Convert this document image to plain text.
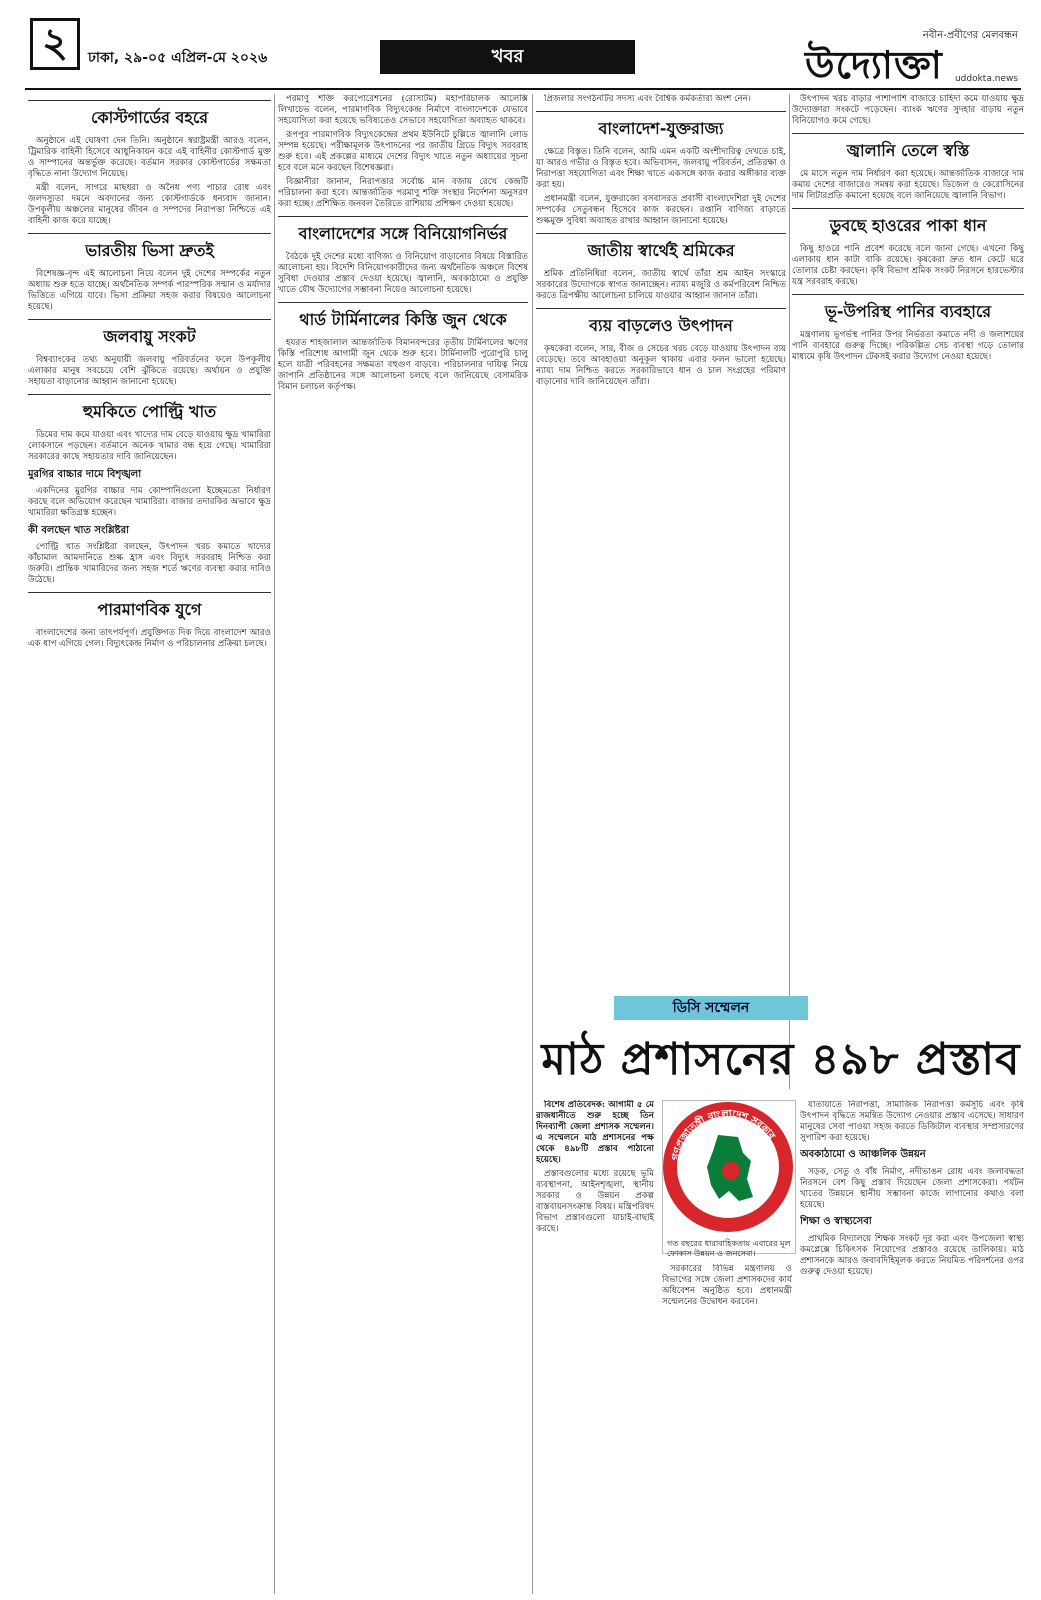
২	ঢাকা, ২৯-০৫ এপ্রিল-মে ২০২৬	খবর
নবীন-প্রবীণের মেলবন্ধন
উদ্যোক্তা uddokta.news
কোস্টগার্ডের বহরে

অনুষ্ঠানে এই ঘোষণা দেন তিনি। অনুষ্ঠানে স্বরাষ্ট্রমন্ত্রী আরও বলেন, ট্রিমারিক বাহিনী হিসেবে আধুনিকায়ন করে এই বাহিনীর কোস্টগার্ড মুক্ত ও সাম্পানের অন্তর্ভুক্ত করেছে। বর্তমান সরকার কোস্টগার্ডের সক্ষমতা বৃদ্ধিতে নানা উদ্যোগ নিয়েছে।

মন্ত্রী বলেন, সাগরে মাছধরা ও অনৈধ পণ্য পাচার রোধ এবং জলদস্যুতা দমনে অবদানের জন্য কোস্টগার্ডকে ধন্যবাদ জানান। উপকূলীয় অঞ্চলের মানুষের জীবন ও সম্পদের নিরাপত্তা নিশ্চিতে এই বাহিনী কাজ করে যাচ্ছে।

ভারতীয় ভিসা দ্রুতই

বিশেষজ্ঞ-বৃন্দ এই আলোচনা নিয়ে বলেন দুই দেশের সম্পর্কের নতুন অধ্যায় শুরু হতে যাচ্ছে। অর্থনৈতিক সম্পর্ক পারস্পরিক সম্মান ও মর্যাদার ভিত্তিতে এগিয়ে যাবে। ভিসা প্রক্রিয়া সহজ করার বিষয়েও আলোচনা হয়েছে।

জলবায়ু সংকট

বিশ্বব্যাংকের তথ্য অনুযায়ী জলবায়ু পরিবর্তনের ফলে উপকূলীয় এলাকার মানুষ সবচেয়ে বেশি ঝুঁকিতে রয়েছে। অর্থায়ন ও প্রযুক্তি সহায়তা বাড়ানোর আহ্বান জানানো হয়েছে।

হুমকিতে পোল্ট্রি খাত

ডিমের দাম কমে যাওয়া এবং খাদ্যের দাম বেড়ে যাওয়ায় ক্ষুদ্র খামারিরা লোকসানে পড়ছেন। বর্তমানে অনেক খামার বন্ধ হয়ে গেছে। খামারিরা সরকারের কাছে সহায়তার দাবি জানিয়েছেন।

মুরগির বাচ্চার দামে বিশৃঙ্খলা

একদিনের মুরগির বাচ্চার দাম কোম্পানিগুলো ইচ্ছেমতো নির্ধারণ করছে বলে অভিযোগ করেছেন খামারিরা। বাজার তদারকির অভাবে ক্ষুদ্র খামারিরা ক্ষতিগ্রস্ত হচ্ছেন।

কী বলছেন খাত সংশ্লিষ্টরা

পোল্ট্রি খাত সংশ্লিষ্টরা বলছেন, উৎপাদন খরচ কমাতে খাদ্যের কাঁচামাল আমদানিতে শুল্ক হ্রাস এবং বিদ্যুৎ সরবরাহ নিশ্চিত করা জরুরি। প্রান্তিক খামারিদের জন্য সহজ শর্তে ঋণের ব্যবস্থা করার দাবিও উঠেছে।

পারমাণবিক যুগে

বাংলাদেশের জন্য তাৎপর্যপূর্ণ। প্রযুক্তিগত দিক দিয়ে বাংলাদেশ আরও এক ধাপ এগিয়ে গেল। বিদ্যুৎকেন্দ্র নির্মাণ ও পরিচালনার প্রক্রিয়া চলছে।

পরমাণু শক্তি করপোরেশনের (রোসাটম) মহাপরিচালক আলেক্সি লিখাচেভ বলেন, পারমাণবিক বিদ্যুৎকেন্দ্র নির্মাণে বাংলাদেশকে যেভাবে সহযোগিতা করা হয়েছে ভবিষ্যতেও সেভাবে সহযোগিতা অব্যাহত থাকবে।

রূপপুর পারমাণবিক বিদ্যুৎকেন্দ্রের প্রথম ইউনিটে চুল্লিতে জ্বালানি লোড সম্পন্ন হয়েছে। পরীক্ষামূলক উৎপাদনের পর জাতীয় গ্রিডে বিদ্যুৎ সরবরাহ শুরু হবে। এই প্রকল্পের মাধ্যমে দেশের বিদ্যুৎ খাতে নতুন অধ্যায়ের সূচনা হবে বলে মনে করছেন বিশেষজ্ঞরা।

বিজ্ঞানীরা জানান, নিরাপত্তার সর্বোচ্চ মান বজায় রেখে কেন্দ্রটি পরিচালনা করা হবে। আন্তর্জাতিক পরমাণু শক্তি সংস্থার নির্দেশনা অনুসরণ করা হচ্ছে। প্রশিক্ষিত জনবল তৈরিতে রাশিয়ায় প্রশিক্ষণ দেওয়া হয়েছে।

বাংলাদেশের সঙ্গে বিনিয়োগনির্ভর

বৈঠকে দুই দেশের মধ্যে বাণিজ্য ও বিনিয়োগ বাড়ানোর বিষয়ে বিস্তারিত আলোচনা হয়। বিদেশি বিনিয়োগকারীদের জন্য অর্থনৈতিক অঞ্চলে বিশেষ সুবিধা দেওয়ার প্রস্তাব দেওয়া হয়েছে। জ্বালানি, অবকাঠামো ও প্রযুক্তি খাতে যৌথ উদ্যোগের সম্ভাবনা নিয়েও আলোচনা হয়েছে।

থার্ড টার্মিনালের কিস্তি জুন থেকে

হযরত শাহজালাল আন্তর্জাতিক বিমানবন্দরের তৃতীয় টার্মিনালের ঋণের কিস্তি পরিশোধ আগামী জুন থেকে শুরু হবে। টার্মিনালটি পুরোপুরি চালু হলে যাত্রী পরিবহনের সক্ষমতা বহুগুণ বাড়বে। পরিচালনার দায়িত্ব নিয়ে জাপানি প্রতিষ্ঠানের সঙ্গে আলোচনা চলছে বলে জানিয়েছে বেসামরিক বিমান চলাচল কর্তৃপক্ষ।

প্রিজলার সংগঠনটির সদস্য এবং বৈশ্বিক কর্মকর্তারা অংশ নেন।

বাংলাদেশ-যুক্তরাজ্য

ক্ষেত্রে বিস্তৃত। তিনি বলেন, আমি এমন একটি অংশীদারিত্ব দেখতে চাই, যা আরও গভীর ও বিস্তৃত হবে। অভিবাসন, জলবায়ু পরিবর্তন, প্রতিরক্ষা ও নিরাপত্তা সহযোগিতা এবং শিক্ষা খাতে একসঙ্গে কাজ করার অঙ্গীকার ব্যক্ত করা হয়।

প্রধানমন্ত্রী বলেন, যুক্তরাজ্যে বসবাসরত প্রবাসী বাংলাদেশিরা দুই দেশের সম্পর্কের সেতুবন্ধন হিসেবে কাজ করছেন। রপ্তানি বাণিজ্য বাড়াতে শুল্কমুক্ত সুবিধা অব্যাহত রাখার আহ্বান জানানো হয়েছে।

জাতীয় স্বার্থেই শ্রমিকের

শ্রমিক প্রতিনিধিরা বলেন, জাতীয় স্বার্থে তাঁরা শ্রম আইন সংস্কারে সরকারের উদ্যোগকে স্বাগত জানাচ্ছেন। ন্যায্য মজুরি ও কর্মপরিবেশ নিশ্চিত করতে ত্রিপক্ষীয় আলোচনা চালিয়ে যাওয়ার আহ্বান জানান তাঁরা।

ব্যয় বাড়লেও উৎপাদন

কৃষকেরা বলেন, সার, বীজ ও সেচের খরচ বেড়ে যাওয়ায় উৎপাদন ব্যয় বেড়েছে। তবে আবহাওয়া অনুকূল থাকায় এবার ফলন ভালো হয়েছে। ন্যায্য দাম নিশ্চিত করতে সরকারিভাবে ধান ও চাল সংগ্রহের পরিমাণ বাড়ানোর দাবি জানিয়েছেন তাঁরা।

উৎপাদন খরচ বাড়ার পাশাপাশি বাজারে চাহিদা কমে যাওয়ায় ক্ষুদ্র উদ্যোক্তারা সংকটে পড়েছেন। ব্যাংক ঋণের সুদহার বাড়ায় নতুন বিনিয়োগও কমে গেছে।

জ্বালানি তেলে স্বস্তি

মে মাসে নতুন দাম নির্ধারণ করা হয়েছে। আন্তর্জাতিক বাজারে দাম কমায় দেশের বাজারেও সমন্বয় করা হয়েছে। ডিজেল ও কেরোসিনের দাম লিটারপ্রতি কমানো হয়েছে বলে জানিয়েছে জ্বালানি বিভাগ।

ডুবছে হাওরের পাকা ধান

কিছু হাওরে পানি প্রবেশ করেছে বলে জানা গেছে। এখনো কিছু এলাকায় ধান কাটা বাকি রয়েছে। কৃষকেরা দ্রুত ধান কেটে ঘরে তোলার চেষ্টা করছেন। কৃষি বিভাগ শ্রমিক সংকট নিরসনে হারভেস্টার যন্ত্র সরবরাহ করছে।

ভূ-উপরিস্থ পানির ব্যবহারে

মন্ত্রণালয় ভূগর্ভস্থ পানির উপর নির্ভরতা কমাতে নদী ও জলাশয়ের পানি ব্যবহারে গুরুত্ব দিচ্ছে। পরিকল্পিত সেচ ব্যবস্থা গড়ে তোলার মাধ্যমে কৃষি উৎপাদন টেকসই করার উদ্যোগ নেওয়া হয়েছে।

ডিসি সম্মেলন
মাঠ প্রশাসনের ৪৯৮ প্রস্তাব

বিশেষ প্রতিবেদক: আগামী ৫ মে রাজধানীতে শুরু হচ্ছে তিন দিনব্যাপী জেলা প্রশাসক সম্মেলন। এ সম্মেলনে মাঠ প্রশাসনের পক্ষ থেকে ৪৯৮টি প্রস্তাব পাঠানো হয়েছে।

প্রস্তাবগুলোর মধ্যে রয়েছে ভূমি ব্যবস্থাপনা, আইনশৃঙ্খলা, স্থানীয় সরকার ও উন্নয়ন প্রকল্প বাস্তবায়নসংক্রান্ত বিষয়। মন্ত্রিপরিষদ বিভাগ প্রস্তাবগুলো যাচাই-বাছাই করছে।

গণপ্রজাতন্ত্রী বাংলাদেশ সরকার
গত বছরের ধারাবাহিকতায় এবারের মূল ফোকাস উন্নয়ন ও জনসেবা।

সরকারের বিভিন্ন মন্ত্রণালয় ও বিভাগের সঙ্গে জেলা প্রশাসকদের কার্য অধিবেশন অনুষ্ঠিত হবে। প্রধানমন্ত্রী সম্মেলনের উদ্বোধন করবেন।

যাতায়াতে নিরাপত্তা, সামাজিক নিরাপত্তা কর্মসূচি এবং কৃষি উৎপাদন বৃদ্ধিতে সমন্বিত উদ্যোগ নেওয়ার প্রস্তাব এসেছে। সাধারণ মানুষের সেবা পাওয়া সহজ করতে ডিজিটাল ব্যবস্থার সম্প্রসারণের সুপারিশ করা হয়েছে।

অবকাঠামো ও আঞ্চলিক উন্নয়ন

সড়ক, সেতু ও বাঁধ নির্মাণ, নদীভাঙন রোধ এবং জলাবদ্ধতা নিরসনে বেশ কিছু প্রস্তাব দিয়েছেন জেলা প্রশাসকেরা। পর্যটন খাতের উন্নয়নে স্থানীয় সম্ভাবনা কাজে লাগানোর কথাও বলা হয়েছে।

শিক্ষা ও স্বাস্থ্যসেবা

প্রাথমিক বিদ্যালয়ে শিক্ষক সংকট দূর করা এবং উপজেলা স্বাস্থ্য কমপ্লেক্সে চিকিৎসক নিয়োগের প্রস্তাবও রয়েছে তালিকায়। মাঠ প্রশাসনকে আরও জবাবদিহিমূলক করতে নিয়মিত পরিদর্শনের ওপর গুরুত্ব দেওয়া হয়েছে।
